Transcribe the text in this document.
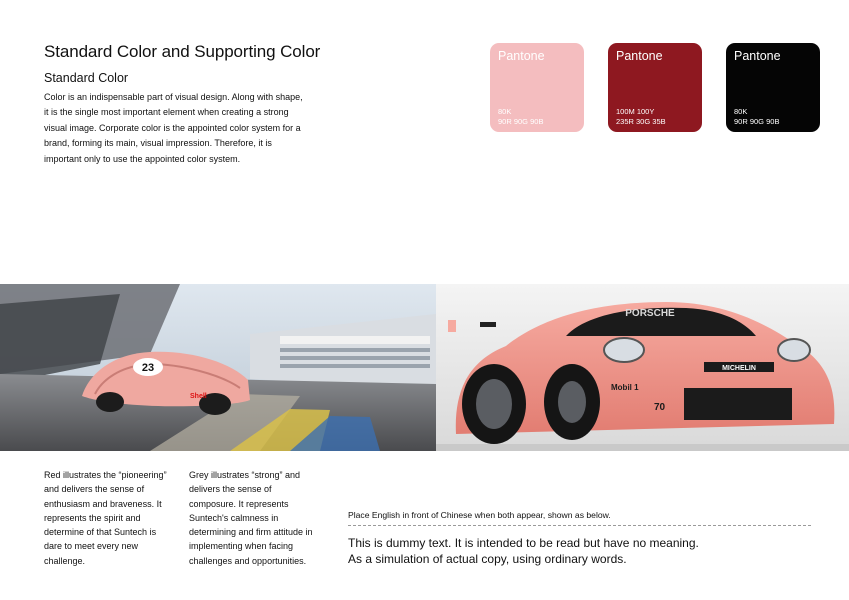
Standard Color and Supporting Color
Standard Color

Color is an indispensable part of visual design. Along with shape, it is the single most important element when creating a strong visual image. Corporate color is the appointed color system for a brand, forming its main, visual impression. Therefore, it is important only to use the appointed color system.

Pantone
80K
90R 90G 90B
Pantone
100M 100Y
235R 30G 35B
Pantone
80K
90R 90G 90B
23
Shell
PORSCHE
MICHELIN
Mobil 1
70

Red illustrates the “pioneering” and delivers the sense of enthusiasm and braveness. It represents the spirit and determine of that Suntech is dare to meet every new challenge.

Grey illustrates “strong” and delivers the sense of composure. It represents Suntech's calmness in determining and firm attitude in implementing when facing challenges and opportunities.

Place English in front of Chinese when both appear, shown as below.
This is dummy text. It is intended to be read but have no meaning.
As a simulation of actual copy, using ordinary words.
